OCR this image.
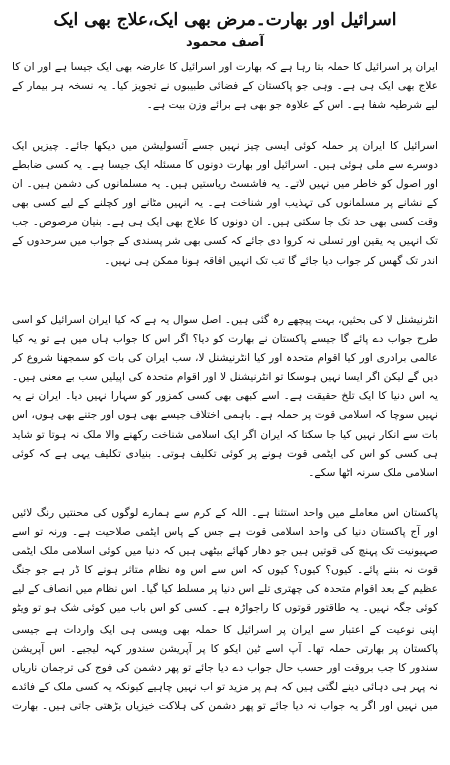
اسرائیل اور بھارت۔مرض بھی ایک،علاج بھی ایک
آصف محمود

ایران پر اسرائیل کا حملہ بتا رہا ہے کہ بھارت اور اسرائیل کا عارضہ بھی ایک جیسا ہے اور ان کا علاج بھی ایک ہی ہے۔ وہی جو پاکستان کے فضائی طبیبوں نے تجویز کیا۔ یہ نسخہ ہر بیمار کے لیے شرطیہ شفا ہے۔ اس کے علاوہ جو بھی ہے برائے وزن بیت ہے۔

اسرائیل کا ایران پر حملہ کوئی ایسی چیز نہیں جسے آئسولیشن میں دیکھا جائے۔ چیزیں ایک دوسرے سے ملی ہوئی ہیں۔ اسرائیل اور بھارت دونوں کا مسئلہ ایک جیسا ہے۔ یہ کسی ضابطے اور اصول کو خاطر میں نہیں لاتے۔ یہ فاشسٹ ریاستیں ہیں۔ یہ مسلمانوں کی دشمن ہیں۔ ان کے نشانے پر مسلمانوں کی تہذیب اور شناخت ہے۔ یہ انہیں مٹانے اور کچلنے کے لیے کسی بھی وقت کسی بھی حد تک جا سکتی ہیں۔ ان دونوں کا علاج بھی ایک ہی ہے۔ بنیان مرصوص۔ جب تک انہیں یہ یقین اور تسلی نہ کروا دی جائے کہ کسی بھی شر پسندی کے جواب میں سرحدوں کے اندر تک گھس کر جواب دیا جائے گا تب تک انہیں افاقہ ہونا ممکن ہی نہیں۔

انٹرنیشنل لا کی بحثیں، بہت پیچھے رہ گئی ہیں۔ اصل سوال یہ ہے کہ کیا ایران اسرائیل کو اسی طرح جواب دے پائے گا جیسے پاکستان نے بھارت کو دیا؟ اگر اس کا جواب ہاں میں ہے تو یہ کیا عالمی برادری اور کیا اقوام متحدہ اور کیا انٹرنیشنل لا، سب ایران کی بات کو سمجھنا شروع کر دیں گے لیکن اگر ایسا نہیں ہوسکا تو انٹرنیشنل لا اور اقوام متحدہ کی اپیلیں سب بے معنی ہیں۔ یہ اس دنیا کا ایک تلخ حقیقت ہے۔ اسے کبھی بھی کسی کمزور کو سہارا نہیں دیا۔ ایران نے یہ نہیں سوچا کہ اسلامی قوت پر حملہ ہے۔ باہمی اختلاف جیسے بھی ہوں اور جتنے بھی ہوں، اس بات سے انکار نہیں کیا جا سکتا کہ ایران اگر ایک اسلامی شناخت رکھنے والا ملک نہ ہوتا تو شاید ہی کسی کو اس کی ایٹمی قوت ہونے پر کوئی تکلیف ہوتی۔ بنیادی تکلیف یہی ہے کہ کوئی اسلامی ملک سرنہ اٹھا سکے۔

پاکستان اس معاملے میں واحد استثنا ہے۔ اللہ کے کرم سے ہمارے لوگوں کی محنتیں رنگ لائیں اور آج پاکستان دنیا کی واحد اسلامی قوت ہے جس کے پاس ایٹمی صلاحیت ہے۔ ورنہ تو اسے صہیونیت تک پہنچ کی قوتیں ہیں جو دھار کھائے بیٹھی ہیں کہ دنیا میں کوئی اسلامی ملک ایٹمی قوت نہ بننے پائے۔ کیوں؟ کیوں؟ کیوں کہ اس سے اس وہ نظام متاثر ہونے کا ڈر ہے جو جنگ عظیم کے بعد اقوام متحدہ کی چھتری تلے اس دنیا پر مسلط کیا گیا۔ اس نظام میں انصاف کے لیے کوئی جگہ نہیں۔ یہ طاقتور قوتوں کا راجواڑہ ہے۔ کسی کو اس باب میں کوئی شک ہو تو ویٹو

اپنی نوعیت کے اعتبار سے ایران پر اسرائیل کا حملہ بھی ویسی ہی ایک واردات ہے جیسی پاکستان پر بھارتی حملہ تھا۔ آپ اسے ٹین ایکو کا پر آپریشن سندور کہہ لیجیے۔ اس آپریشن سندور کا جب بروقت اور حسب حال جواب دے دیا جائے تو پھر دشمن کی فوج کی ترجمان ناریاں نہ پہر ہی دہائی دینے لگتی ہیں کہ ہم پر مزید تو اب نہیں چاہیے کیونکہ یہ کسی ملک کے فائدے میں نہیں اور اگر یہ جواب نہ دیا جائے تو پھر دشمن کی ہلاکت خیزیاں بڑھتی جاتی ہیں۔ بھارت
